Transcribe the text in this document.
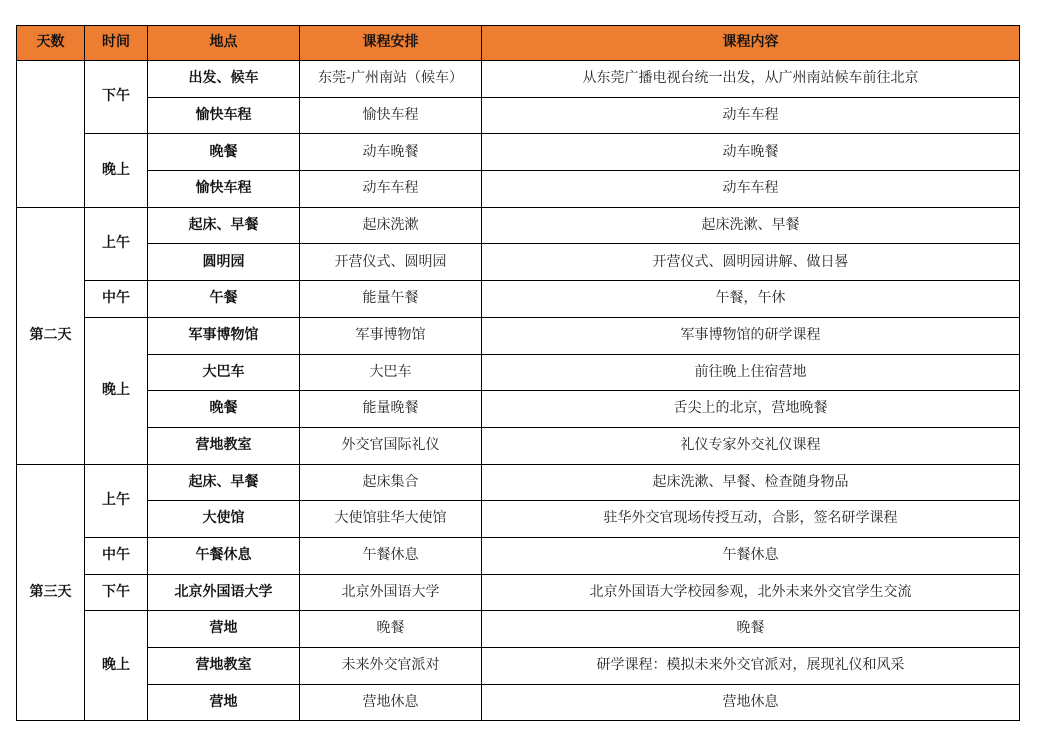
天数	时间	地点	课程安排	课程内容
	下午	出发、候车	东莞-广州南站（候车）	从东莞广播电视台统一出发，从广州南站候车前往北京
		愉快车程	愉快车程	动车车程
	晚上	晚餐	动车晚餐	动车晚餐
		愉快车程	动车车程	动车车程
第二天	上午	起床、早餐	起床洗漱	起床洗漱、早餐
		圆明园	开营仪式、圆明园	开营仪式、圆明园讲解、做日晷
	中午	午餐	能量午餐	午餐，午休
	晚上	军事博物馆	军事博物馆	军事博物馆的研学课程
		大巴车	大巴车	前往晚上住宿营地
		晚餐	能量晚餐	舌尖上的北京，营地晚餐
		营地教室	外交官国际礼仪	礼仪专家外交礼仪课程
第三天	上午	起床、早餐	起床集合	起床洗漱、早餐、检查随身物品
		大使馆	大使馆驻华大使馆	驻华外交官现场传授互动，合影，签名研学课程
	中午	午餐休息	午餐休息	午餐休息
	下午	北京外国语大学	北京外国语大学	北京外国语大学校园参观，北外未来外交官学生交流
	晚上	营地	晚餐	晚餐
		营地教室	未来外交官派对	研学课程：模拟未来外交官派对，展现礼仪和风采
		营地	营地休息	营地休息
